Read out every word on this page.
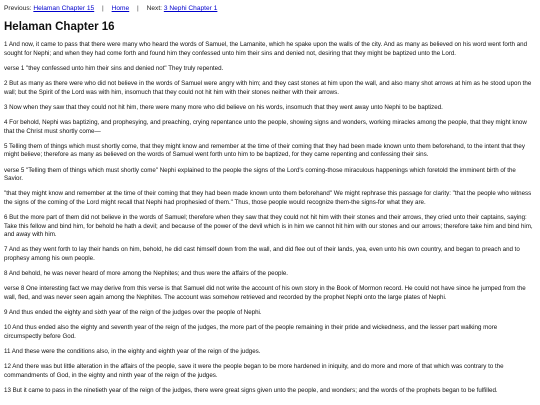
Previous: Helaman Chapter 15 | Home | Next: 3 Nephi Chapter 1
Helaman Chapter 16

1 And now, it came to pass that there were many who heard the words of Samuel, the Lamanite, which he spake upon the walls of the city. And as many as believed on his word went forth and sought for Nephi; and when they had come forth and found him they confessed unto him their sins and denied not, desiring that they might be baptized unto the Lord.

verse 1 "they confessed unto him their sins and denied not" They truly repented.

2 But as many as there were who did not believe in the words of Samuel were angry with him; and they cast stones at him upon the wall, and also many shot arrows at him as he stood upon the wall; but the Spirit of the Lord was with him, insomuch that they could not hit him with their stones neither with their arrows.

3 Now when they saw that they could not hit him, there were many more who did believe on his words, insomuch that they went away unto Nephi to be baptized.

4 For behold, Nephi was baptizing, and prophesying, and preaching, crying repentance unto the people, showing signs and wonders, working miracles among the people, that they might know that the Christ must shortly come—

5 Telling them of things which must shortly come, that they might know and remember at the time of their coming that they had been made known unto them beforehand, to the intent that they might believe; therefore as many as believed on the words of Samuel went forth unto him to be baptized, for they came repenting and confessing their sins.

verse 5 "Telling them of things which must shortly come" Nephi explained to the people the signs of the Lord's coming-those miraculous happenings which foretold the imminent birth of the Savior.

"that they might know and remember at the time of their coming that they had been made known unto them beforehand" We might rephrase this passage for clarity: "that the people who witness the signs of the coming of the Lord might recall that Nephi had prophesied of them." Thus, those people would recognize them-the signs-for what they are.

6 But the more part of them did not believe in the words of Samuel; therefore when they saw that they could not hit him with their stones and their arrows, they cried unto their captains, saying: Take this fellow and bind him, for behold he hath a devil; and because of the power of the devil which is in him we cannot hit him with our stones and our arrows; therefore take him and bind him, and away with him.

7 And as they went forth to lay their hands on him, behold, he did cast himself down from the wall, and did flee out of their lands, yea, even unto his own country, and began to preach and to prophesy among his own people.

8 And behold, he was never heard of more among the Nephites; and thus were the affairs of the people.

verse 8 One interesting fact we may derive from this verse is that Samuel did not write the account of his own story in the Book of Mormon record. He could not have since he jumped from the wall, fled, and was never seen again among the Nephites. The account was somehow retrieved and recorded by the prophet Nephi onto the large plates of Nephi.

9 And thus ended the eighty and sixth year of the reign of the judges over the people of Nephi.

10 And thus ended also the eighty and seventh year of the reign of the judges, the more part of the people remaining in their pride and wickedness, and the lesser part walking more circumspectly before God.

11 And these were the conditions also, in the eighty and eighth year of the reign of the judges.

12 And there was but little alteration in the affairs of the people, save it were the people began to be more hardened in iniquity, and do more and more of that which was contrary to the commandments of God, in the eighty and ninth year of the reign of the judges.

13 But it came to pass in the ninetieth year of the reign of the judges, there were great signs given unto the people, and wonders; and the words of the prophets began to be fulfilled.
